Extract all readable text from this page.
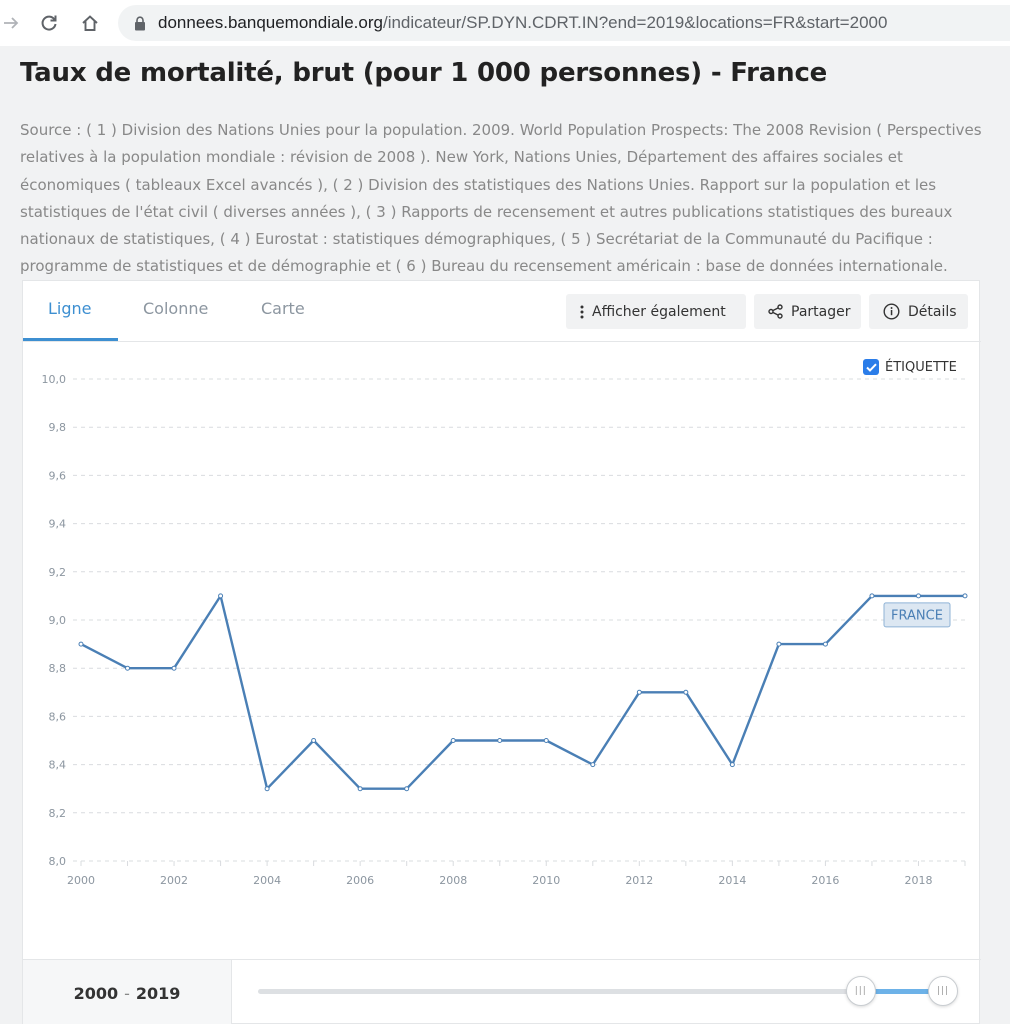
donnees.banquemondiale.org/indicateur/SP.DYN.CDRT.IN?end=2019&locations=FR&start=2000
Taux de mortalité, brut (pour 1 000 personnes) - France

Source : ( 1 ) Division des Nations Unies pour la population. 2009. World Population Prospects: The 2008 Revision ( Perspectives relatives à la population mondiale : révision de 2008 ). New York, Nations Unies, Département des affaires sociales et économiques ( tableaux Excel avancés ), ( 2 ) Division des statistiques des Nations Unies. Rapport sur la population et les statistiques de l'état civil ( diverses années ), ( 3 ) Rapports de recensement et autres publications statistiques des bureaux nationaux de statistiques, ( 4 ) Eurostat : statistiques démographiques, ( 5 ) Secrétariat de la Communauté du Pacifique : programme de statistiques et de démographie et ( 6 ) Bureau du recensement américain : base de données internationale.

Ligne	Colonne	Carte	Afficher également	Partager	Détails
ÉTIQUETTE
8,0
8,2
8,4
8,6
8,8
9,0
9,2
9,4
9,6
9,8
10,0
2000	2002	2004	2006	2008	2010	2012	2014	2016	2018
FRANCE
2000 - 2019	|||	|||
